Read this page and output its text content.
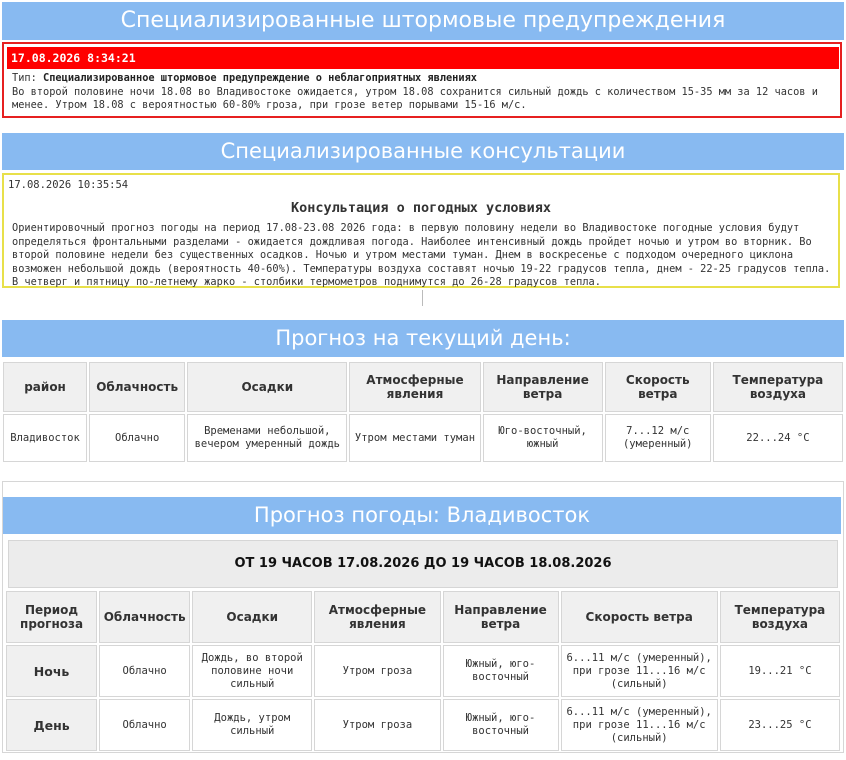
Специализированные штормовые предупреждения
17.08.2026 8:34:21
Тип: Специализированное штормовое предупреждение о неблагоприятных явлениях
Во второй половине ночи 18.08 во Владивостоке ожидается, утром 18.08 сохранится сильный дождь с количеством 15-35 мм за 12 часов и менее. Утром 18.08 с вероятностью 60-80% гроза, при грозе ветер порывами 15-16 м/с.
Специализированные консультации
17.08.2026 10:35:54
Консультация о погодных условиях
Ориентировочный прогноз погоды на период 17.08-23.08 2026 года: в первую половину недели во Владивостоке погодные условия будут определяться фронтальными разделами - ожидается дождливая погода. Наиболее интенсивный дождь пройдет ночью и утром во вторник. Во второй половине недели без существенных осадков. Ночью и утром местами туман. Днем в воскресенье с подходом очередного циклона возможен небольшой дождь (вероятность 40-60%). Температуры воздуха составят ночью 19-22 градусов тепла, днем - 22-25 градусов тепла. В четверг и пятницу по-летнему жарко - столбики термометров поднимутся до 26-28 градусов тепла.
Прогноз на текущий день:
район	Облачность	Осадки	Атмосферные явления	Направление ветра	Скорость ветра	Температура воздуха
Владивосток	Облачно	Временами небольшой, вечером умеренный дождь	Утром местами туман	Юго-восточный, южный	7...12 м/с (умеренный)	22...24 °C
Прогноз погоды: Владивосток
ОТ 19 ЧАСОВ 17.08.2026 ДО 19 ЧАСОВ 18.08.2026
Период прогноза	Облачность	Осадки	Атмосферные явления	Направление ветра	Скорость ветра	Температура воздуха
Ночь	Облачно	Дождь, во второй половине ночи сильный	Утром гроза	Южный, юго-восточный	6...11 м/с (умеренный), при грозе 11...16 м/с (сильный)	19...21 °C
День	Облачно	Дождь, утром сильный	Утром гроза	Южный, юго-восточный	6...11 м/с (умеренный), при грозе 11...16 м/с (сильный)	23...25 °C
